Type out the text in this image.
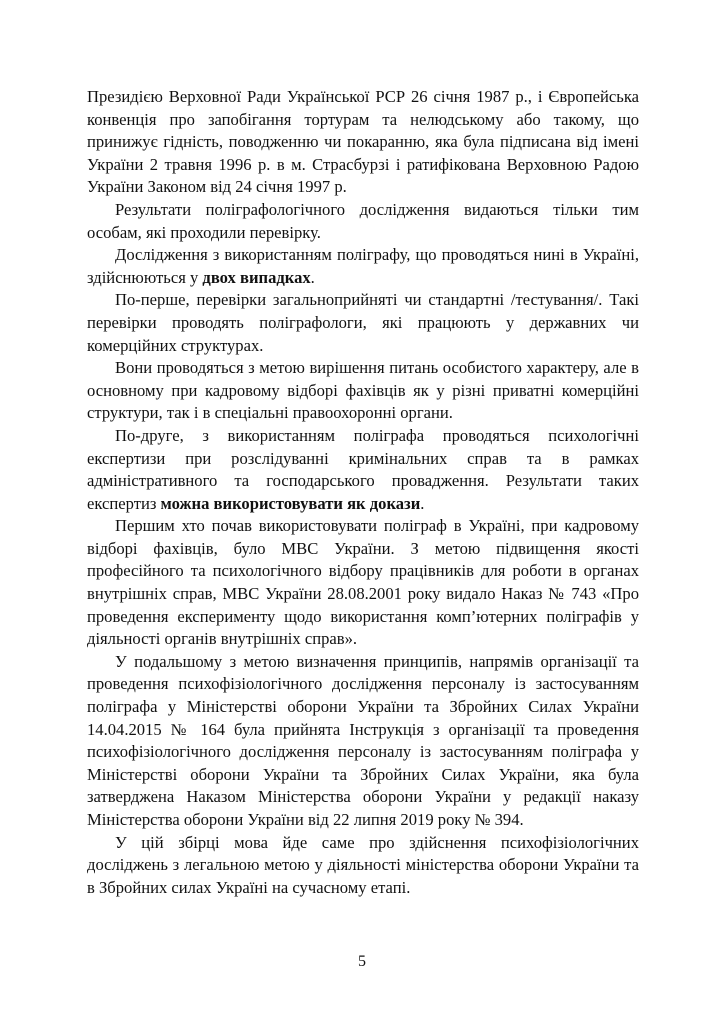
Президією Верховної Ради Української РСР 26 січня 1987 р., і Європейська конвенція про запобігання тортурам та нелюдському або такому, що принижує гідність, поводженню чи покаранню, яка була підписана від імені України 2 травня 1996 р. в м. Страсбурзі і ратифікована Верховною Радою України Законом від 24 січня 1997 р.

Результати поліграфологічного дослідження видаються тільки тим особам, які проходили перевірку.

Дослідження з використанням поліграфу, що проводяться нині в Україні, здійснюються у двох випадках.

По-перше, перевірки загальноприйняті чи стандартні /тестування/. Такі перевірки проводять поліграфологи, які працюють у державних чи комерційних структурах.

Вони проводяться з метою вирішення питань особистого характеру, але в основному при кадровому відборі фахівців як у різні приватні комерційні структури, так і в спеціальні правоохоронні органи.

По-друге, з використанням поліграфа проводяться психологічні експертизи при розслідуванні кримінальних справ та в рамках адміністративного та господарського провадження. Результати таких експертиз можна використовувати як докази.

Першим хто почав використовувати поліграф в Україні, при кадровому відборі фахівців, було МВС України. З метою підвищення якості професійного та психологічного відбору працівників для роботи в органах внутрішніх справ, МВС України 28.08.2001 року видало Наказ № 743 «Про проведення експерименту щодо використання комп’ютерних поліграфів у діяльності органів внутрішніх справ».

У подальшому з метою визначення принципів, напрямів організації та проведення психофізіологічного дослідження персоналу із застосуванням поліграфа у Міністерстві оборони України та Збройних Силах України 14.04.2015 № 164 була прийнята Інструкція з організації та проведення психофізіологічного дослідження персоналу із застосуванням поліграфа у Міністерстві оборони України та Збройних Силах України, яка була затверджена Наказом Міністерства оборони України у редакції наказу Міністерства оборони України від 22 липня 2019 року № 394.

У цій збірці мова йде саме про здійснення психофізіологічних досліджень з легальною метою у діяльності міністерства оборони України та в Збройних силах Україні на сучасному етапі.

5
